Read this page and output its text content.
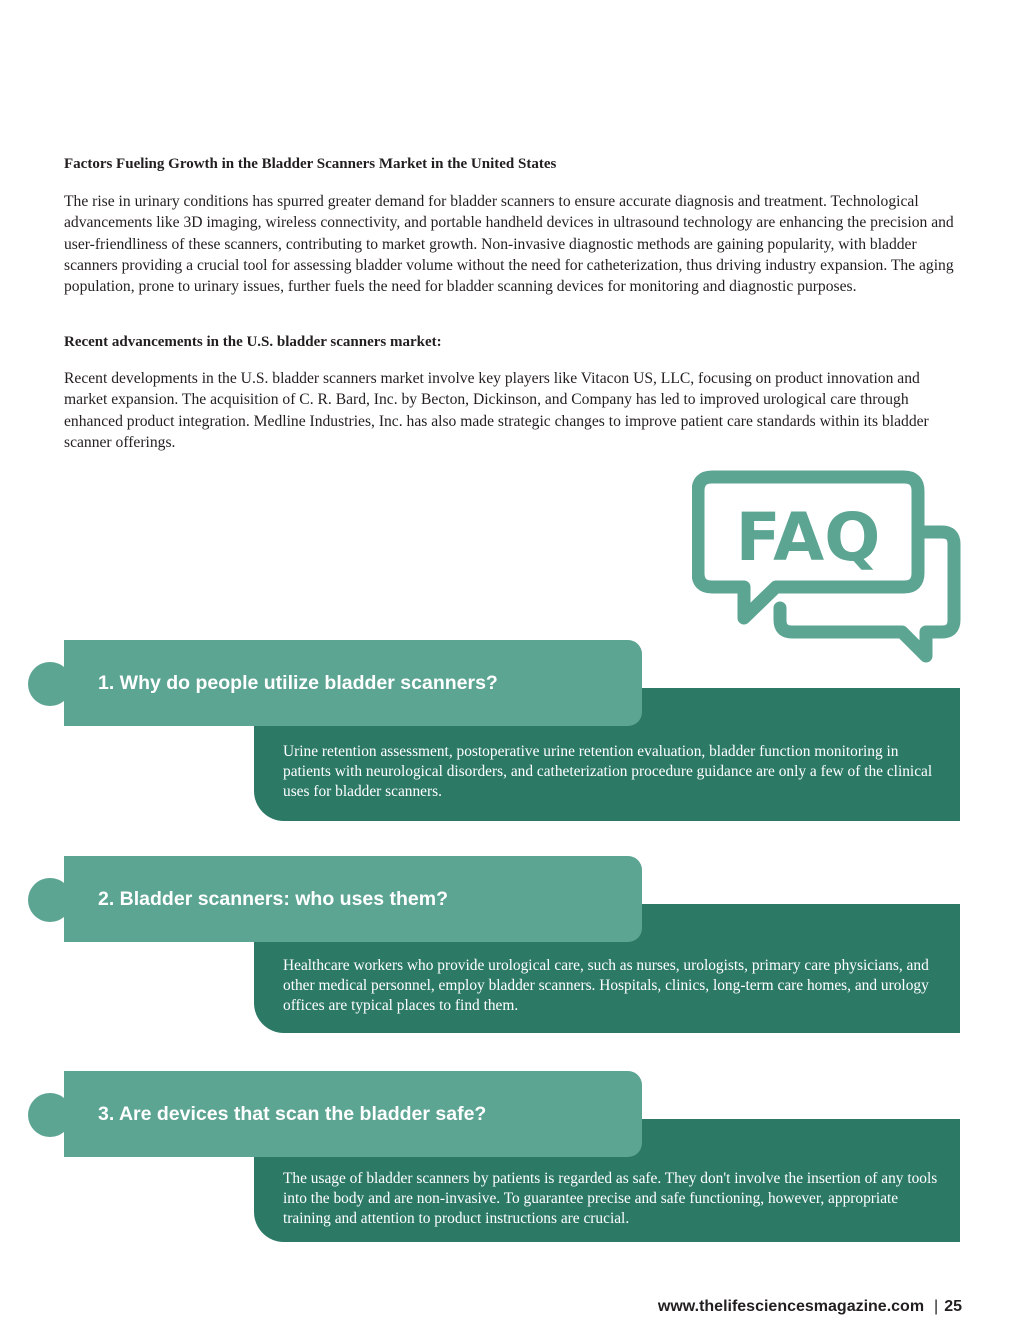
Factors Fueling Growth in the Bladder Scanners Market in the United States

The rise in urinary conditions has spurred greater demand for bladder scanners to ensure accurate diagnosis and treatment. Technological advancements like 3D imaging, wireless connectivity, and portable handheld devices in ultrasound technology are enhancing the precision and user-friendliness of these scanners, contributing to market growth. Non-invasive diagnostic methods are gaining popularity, with bladder scanners providing a crucial tool for assessing bladder volume without the need for catheterization, thus driving industry expansion. The aging population, prone to urinary issues, further fuels the need for bladder scanning devices for monitoring and diagnostic purposes.

Recent advancements in the U.S. bladder scanners market:

Recent developments in the U.S. bladder scanners market involve key players like Vitacon US, LLC, focusing on product innovation and market expansion. The acquisition of C. R. Bard, Inc. by Becton, Dickinson, and Company has led to improved urological care through enhanced product integration. Medline Industries, Inc. has also made strategic changes to improve patient care standards within its bladder scanner offerings.

FAQ
1. Why do people utilize bladder scanners?

Urine retention assessment, postoperative urine retention evaluation, bladder function monitoring in patients with neurological disorders, and catheterization procedure guidance are only a few of the clinical uses for bladder scanners.

2. Bladder scanners: who uses them?

Healthcare workers who provide urological care, such as nurses, urologists, primary care physicians, and other medical personnel, employ bladder scanners. Hospitals, clinics, long-term care homes, and urology offices are typical places to find them.

3. Are devices that scan the bladder safe?

The usage of bladder scanners by patients is regarded as safe. They don't involve the insertion of any tools into the body and are non-invasive. To guarantee precise and safe functioning, however, appropriate training and attention to product instructions are crucial.

www.thelifesciencesmagazine.com | 25
